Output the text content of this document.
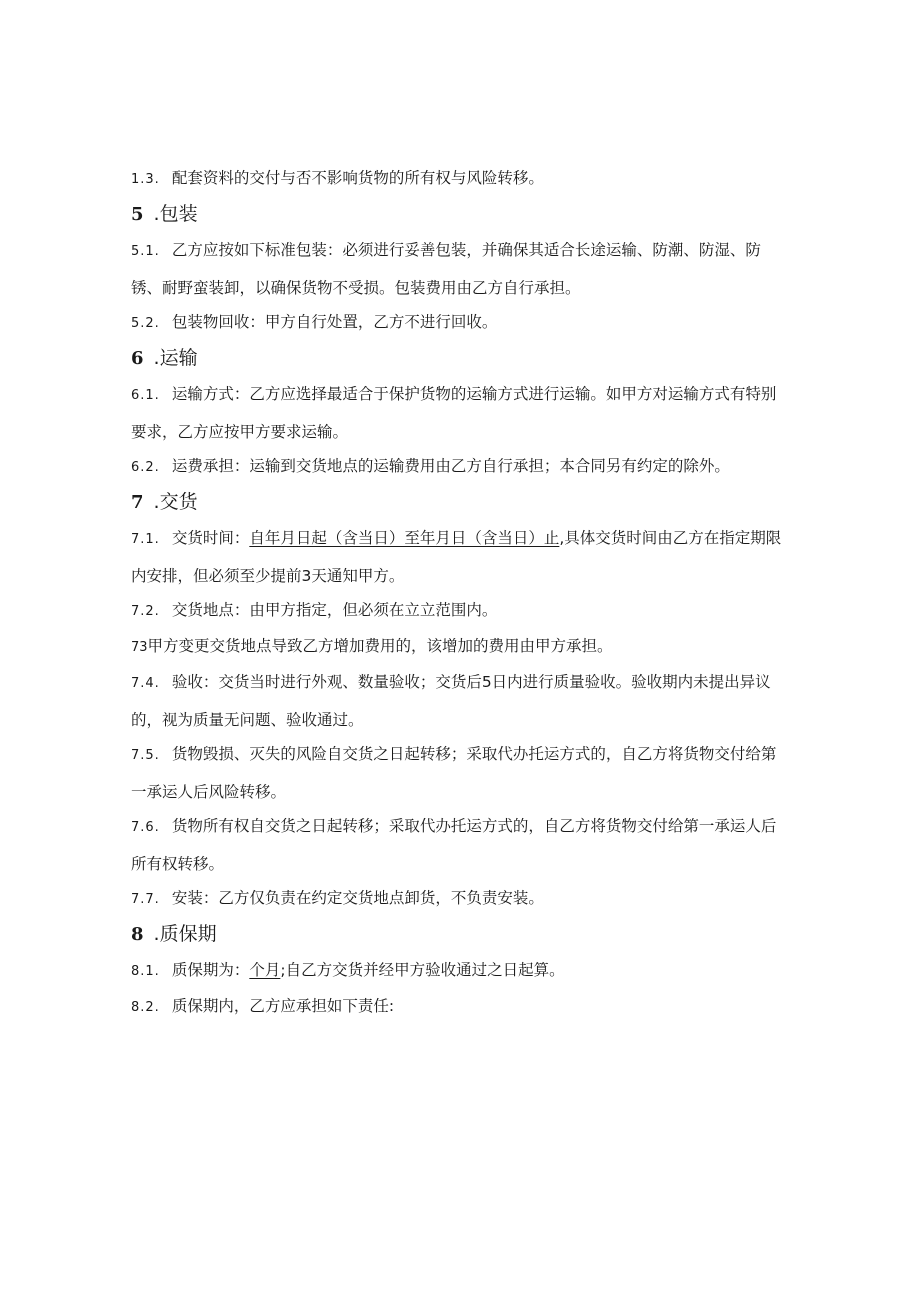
1.3. 配套资料的交付与否不影响货物的所有权与风险转移。

5 .包装

5.1. 乙方应按如下标准包装：必须进行妥善包装，并确保其适合长途运输、防潮、防湿、防锈、耐野蛮装卸，以确保货物不受损。包装费用由乙方自行承担。

5.2. 包装物回收：甲方自行处置，乙方不进行回收。

6 .运输

6.1. 运输方式：乙方应选择最适合于保护货物的运输方式进行运输。如甲方对运输方式有特别要求，乙方应按甲方要求运输。

6.2. 运费承担：运输到交货地点的运输费用由乙方自行承担；本合同另有约定的除外。

7 .交货

7.1. 交货时间：自年月日起（含当日）至年月日（含当日）止,具体交货时间由乙方在指定期限内安排，但必须至少提前3天通知甲方。

7.2. 交货地点：由甲方指定，但必须在立立范围内。

73甲方变更交货地点导致乙方增加费用的，该增加的费用由甲方承担。

7.4. 验收：交货当时进行外观、数量验收；交货后5日内进行质量验收。验收期内未提出异议的，视为质量无问题、验收通过。

7.5. 货物毁损、灭失的风险自交货之日起转移；采取代办托运方式的，自乙方将货物交付给第一承运人后风险转移。

7.6. 货物所有权自交货之日起转移；采取代办托运方式的，自乙方将货物交付给第一承运人后所有权转移。

7.7. 安装：乙方仅负责在约定交货地点卸货，不负责安装。

8 .质保期

8.1. 质保期为：个月;自乙方交货并经甲方验收通过之日起算。

8.2. 质保期内，乙方应承担如下责任:
